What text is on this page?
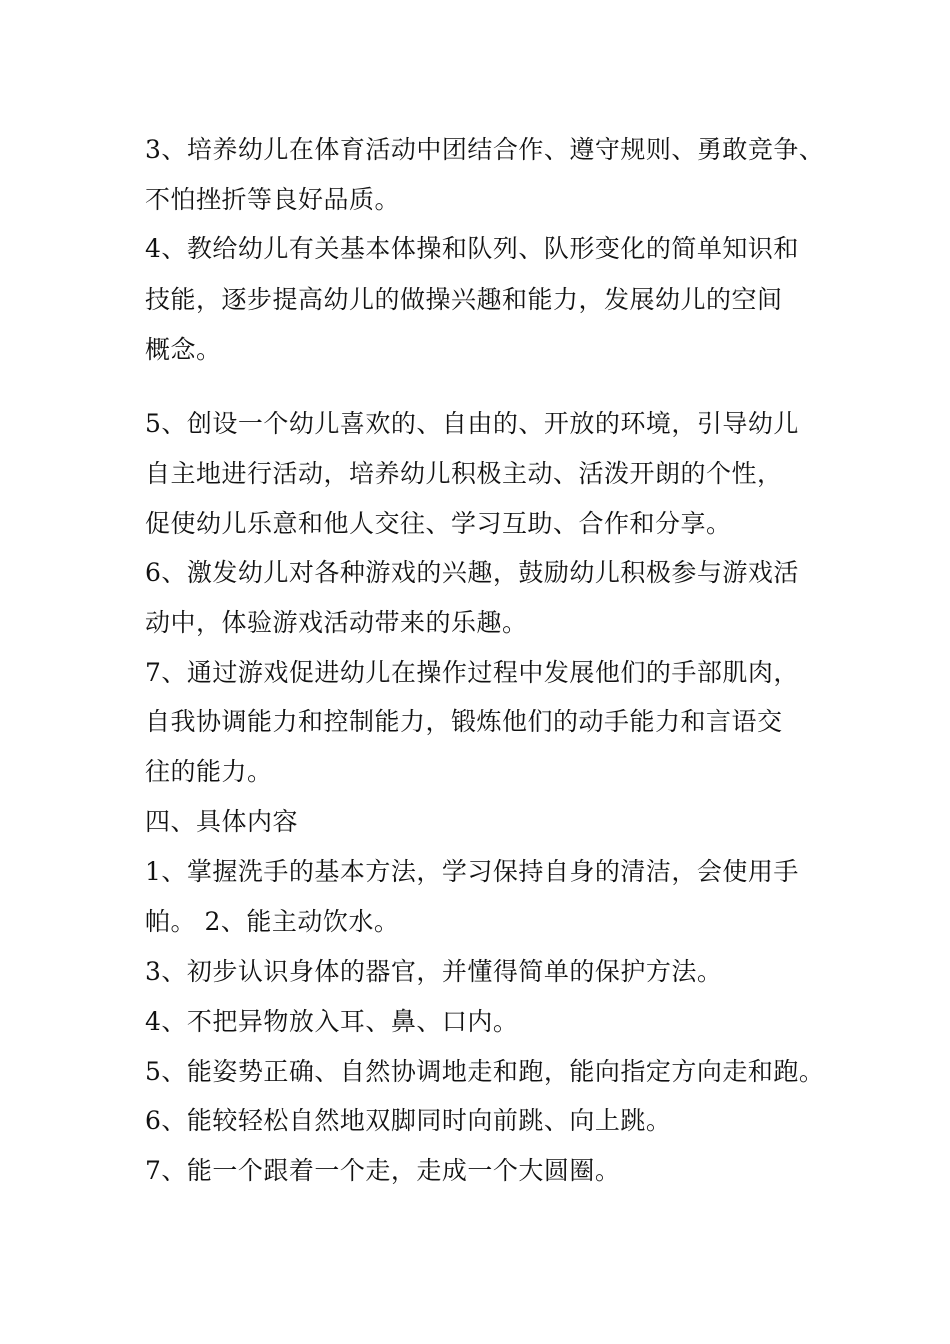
3、培养幼儿在体育活动中团结合作、遵守规则、勇敢竞争、
不怕挫折等良好品质。
4、教给幼儿有关基本体操和队列、队形变化的简单知识和
技能，逐步提高幼儿的做操兴趣和能力，发展幼儿的空间
概念。
5、创设一个幼儿喜欢的、自由的、开放的环境，引导幼儿
自主地进行活动，培养幼儿积极主动、活泼开朗的个性，
促使幼儿乐意和他人交往、学习互助、合作和分享。
6、激发幼儿对各种游戏的兴趣，鼓励幼儿积极参与游戏活
动中，体验游戏活动带来的乐趣。
7、通过游戏促进幼儿在操作过程中发展他们的手部肌肉，
自我协调能力和控制能力，锻炼他们的动手能力和言语交
往的能力。
四、具体内容
1、掌握洗手的基本方法，学习保持自身的清洁，会使用手
帕。 2、能主动饮水。
3、初步认识身体的器官，并懂得简单的保护方法。
4、不把异物放入耳、鼻、口内。
5、能姿势正确、自然协调地走和跑，能向指定方向走和跑。
6、能较轻松自然地双脚同时向前跳、向上跳。
7、能一个跟着一个走，走成一个大圆圈。
